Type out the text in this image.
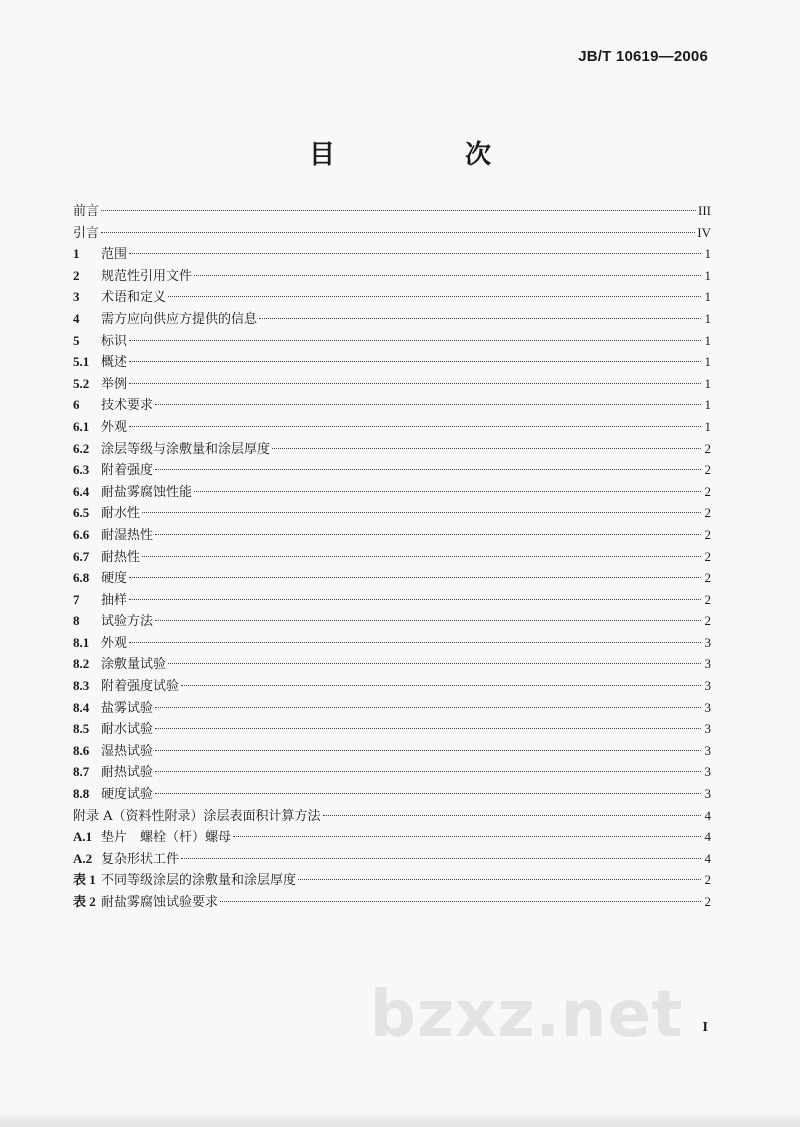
JB/T 10619—2006
目　次
前言	III
引言	IV
1	范围	1
2	规范性引用文件	1
3	术语和定义	1
4	需方应向供应方提供的信息	1
5	标识	1
5.1 概述	1
5.2 举例	1
6	技术要求	1
6.1 外观	1
6.2 涂层等级与涂敷量和涂层厚度	2
6.3 附着强度	2
6.4 耐盐雾腐蚀性能	2
6.5 耐水性	2
6.6 耐湿热性	2
6.7 耐热性	2
6.8 硬度	2
7	抽样	2
8	试验方法	2
8.1 外观	3
8.2 涂敷量试验	3
8.3 附着强度试验	3
8.4 盐雾试验	3
8.5 耐水试验	3
8.6 湿热试验	3
8.7 耐热试验	3
8.8 硬度试验	3
附录 A（资料性附录）涂层表面积计算方法	4
A.1 垫片　螺栓（杆）螺母	4
A.2 复杂形状工件	4
表 1 不同等级涂层的涂敷量和涂层厚度	2
表 2 耐盐雾腐蚀试验要求	2
bzxz.net I
